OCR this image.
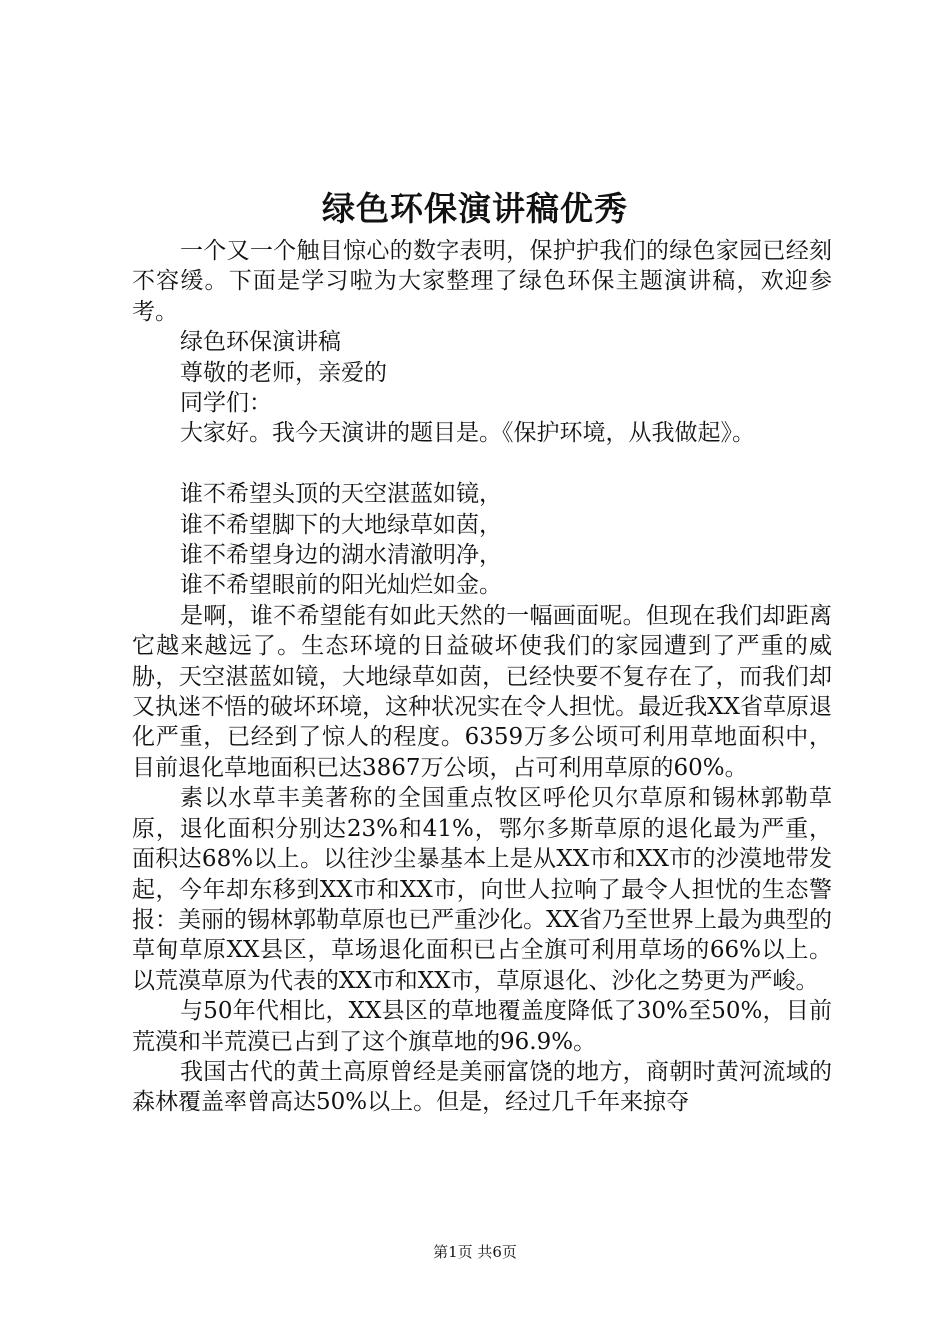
绿色环保演讲稿优秀

一个又一个触目惊心的数字表明，保护护我们的绿色家园已经刻不容缓。下面是学习啦为大家整理了绿色环保主题演讲稿，欢迎参考。

绿色环保演讲稿

尊敬的老师，亲爱的

同学们：

大家好。我今天演讲的题目是。《保护环境，从我做起》。

谁不希望头顶的天空湛蓝如镜，

谁不希望脚下的大地绿草如茵，

谁不希望身边的湖水清澈明净，

谁不希望眼前的阳光灿烂如金。

是啊，谁不希望能有如此天然的一幅画面呢。但现在我们却距离它越来越远了。生态环境的日益破坏使我们的家园遭到了严重的威胁，天空湛蓝如镜，大地绿草如茵，已经快要不复存在了，而我们却又执迷不悟的破坏环境，这种状况实在令人担忧。最近我XX省草原退化严重，已经到了惊人的程度。6359万多公顷可利用草地面积中，目前退化草地面积已达3867万公顷，占可利用草原的60%。

素以水草丰美著称的全国重点牧区呼伦贝尔草原和锡林郭勒草原，退化面积分别达23%和41%，鄂尔多斯草原的退化最为严重，面积达68%以上。以往沙尘暴基本上是从XX市和XX市的沙漠地带发起，今年却东移到XX市和XX市，向世人拉响了最令人担忧的生态警报：美丽的锡林郭勒草原也已严重沙化。XX省乃至世界上最为典型的草甸草原XX县区，草场退化面积已占全旗可利用草场的66%以上。以荒漠草原为代表的XX市和XX市，草原退化、沙化之势更为严峻。

与50年代相比，XX县区的草地覆盖度降低了30%至50%，目前荒漠和半荒漠已占到了这个旗草地的96.9%。

我国古代的黄土高原曾经是美丽富饶的地方，商朝时黄河流域的森林覆盖率曾高达50%以上。但是，经过几千年来掠夺

第1页 共6页
